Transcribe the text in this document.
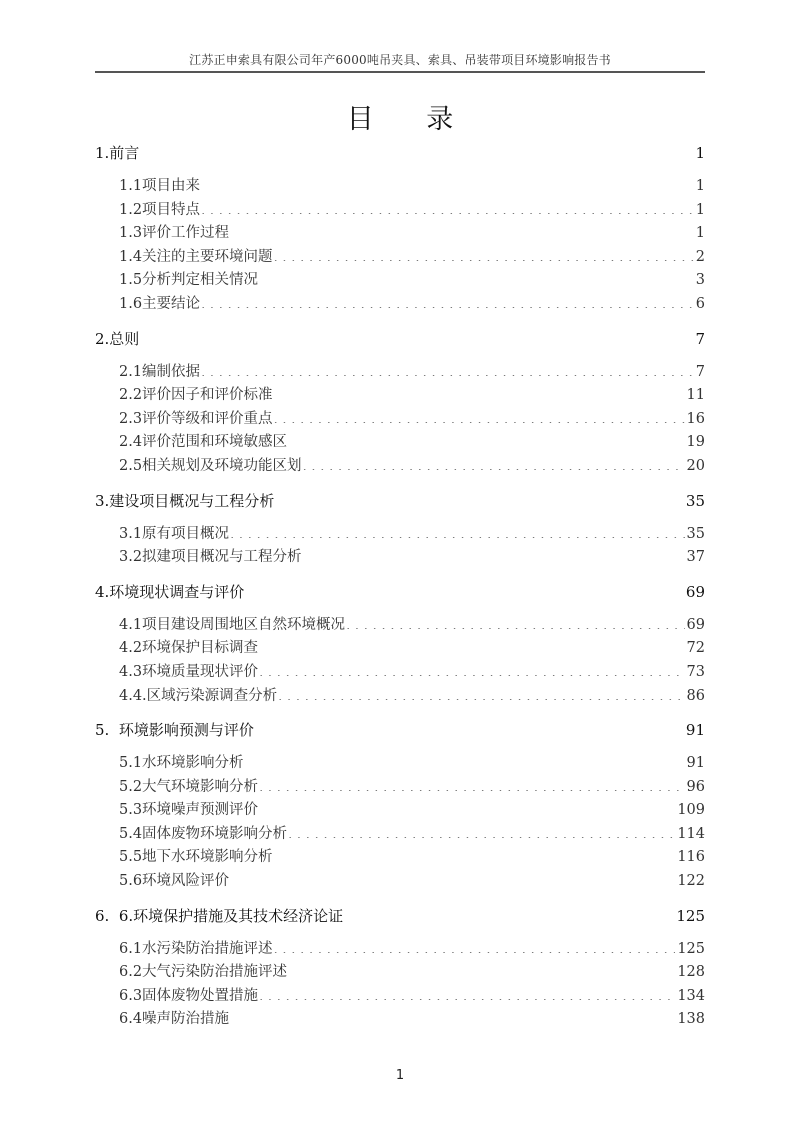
江苏正申索具有限公司年产6000吨吊夹具、索具、吊装带项目环境影响报告书
目 录
1.前言 . . .	1
1.1项目由来 . . .	1
1.2项目特点 . . .	1
1.3评价工作过程 . . .	1
1.4关注的主要环境问题 . . .	2
1.5分析判定相关情况 . . .	3
1.6主要结论 . . .	6
2.总则 . . .	7
2.1编制依据 . . .	7
2.2评价因子和评价标准 . . .	11
2.3评价等级和评价重点 . . .	16
2.4评价范围和环境敏感区 . . .	19
2.5相关规划及环境功能区划 . . .	20
3.建设项目概况与工程分析 . . .	35
3.1原有项目概况 . . .	35
3.2拟建项目概况与工程分析 . . .	37
4.环境现状调查与评价 . . .	69
4.1项目建设周围地区自然环境概况 . . .	69
4.2环境保护目标调查 . . .	72
4.3环境质量现状评价 . . .	73
4.4.区域污染源调查分析 . . .	86
5.  环境影响预测与评价 . . .	91
5.1水环境影响分析 . . .	91
5.2大气环境影响分析 . . .	96
5.3环境噪声预测评价 . . .	109
5.4固体废物环境影响分析 . . .	114
5.5地下水环境影响分析 . . .	116
5.6环境风险评价 . . .	122
6.  6.环境保护措施及其技术经济论证 . . .	125
6.1水污染防治措施评述 . . .	125
6.2大气污染防治措施评述 . . .	128
6.3固体废物处置措施 . . .	134
6.4噪声防治措施 . . .	138
1
